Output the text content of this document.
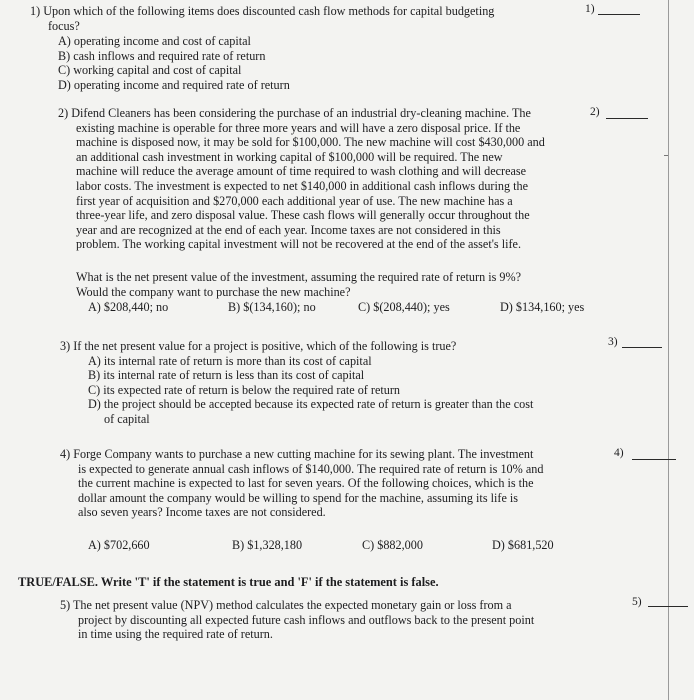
1) Upon which of the following items does discounted cash flow methods for capital budgeting

focus?

A) operating income and cost of capital
B) cash inflows and required rate of return
C) working capital and cost of capital
D) operating income and required rate of return
1)
2) Difend Cleaners has been considering the purchase of an industrial dry-cleaning machine. The
existing machine is operable for three more years and will have a zero disposal price. If the
machine is disposed now, it may be sold for $100,000. The new machine will cost $430,000 and
an additional cash investment in working capital of $100,000 will be required. The new
machine will reduce the average amount of time required to wash clothing and will decrease
labor costs. The investment is expected to net $140,000 in additional cash inflows during the
first year of acquisition and $270,000 each additional year of use. The new machine has a
three-year life, and zero disposal value. These cash flows will generally occur throughout the
year and are recognized at the end of each year. Income taxes are not considered in this
problem. The working capital investment will not be recovered at the end of the asset's life.
2)
What is the net present value of the investment, assuming the required rate of return is 9%?
Would the company want to purchase the new machine?
A) $208,440; no	B) $(134,160); no	C) $(208,440); yes	D) $134,160; yes
3)
3) If the net present value for a project is positive, which of the following is true?
A) its internal rate of return is more than its cost of capital
B) its internal rate of return is less than its cost of capital
C) its expected rate of return is below the required rate of return
D) the project should be accepted because its expected rate of return is greater than the cost
of capital
4) Forge Company wants to purchase a new cutting machine for its sewing plant. The investment
is expected to generate annual cash inflows of $140,000. The required rate of return is 10% and
the current machine is expected to last for seven years. Of the following choices, which is the
dollar amount the company would be willing to spend for the machine, assuming its life is
also seven years? Income taxes are not considered.
4)
A) $702,660	B) $1,328,180	C) $882,000	D) $681,520
TRUE/FALSE. Write 'T' if the statement is true and 'F' if the statement is false.
5) The net present value (NPV) method calculates the expected monetary gain or loss from a
project by discounting all expected future cash inflows and outflows back to the present point
in time using the required rate of return.
5)
